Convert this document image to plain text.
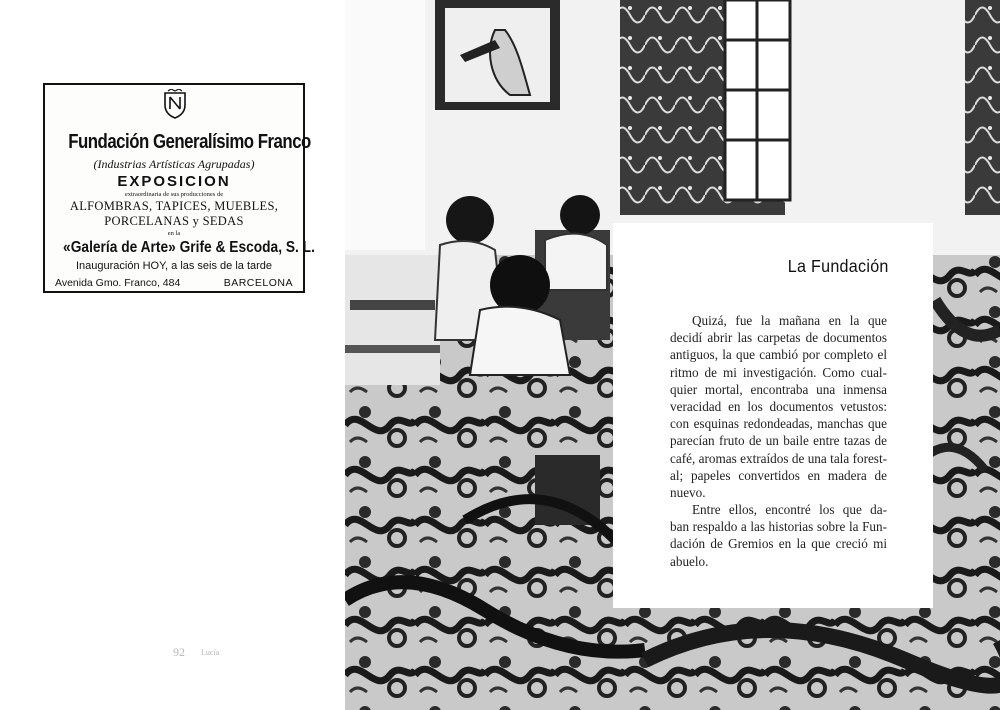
Fundación Generalísimo Franco
(Industrias Artísticas Agrupadas)
EXPOSICION
extraordinaria de sus producciones de
ALFOMBRAS, TAPICES, MUEBLES,
PORCELANAS y SEDAS
en la
«Galería de Arte» Grife & Escoda, S. L.
Inauguración HOY, a las seis de la tarde
Avenida Gmo. Franco, 484	BARCELONA
92 Lucía
La Fundación
Quizá, fue la mañana en la que
decidí abrir las carpetas de documentos
antiguos, la que cambió por completo el
ritmo de mi investigación. Como cual-
quier mortal, encontraba una inmensa
veracidad en los documentos vetustos:
con esquinas redondeadas, manchas que
parecían fruto de un baile entre tazas de
café, aromas extraídos de una tala forest-
al; papeles convertidos en madera de
nuevo.
Entre ellos, encontré los que da-
ban respaldo a las historias sobre la Fun-
dación de Gremios en la que creció mi
abuelo.
